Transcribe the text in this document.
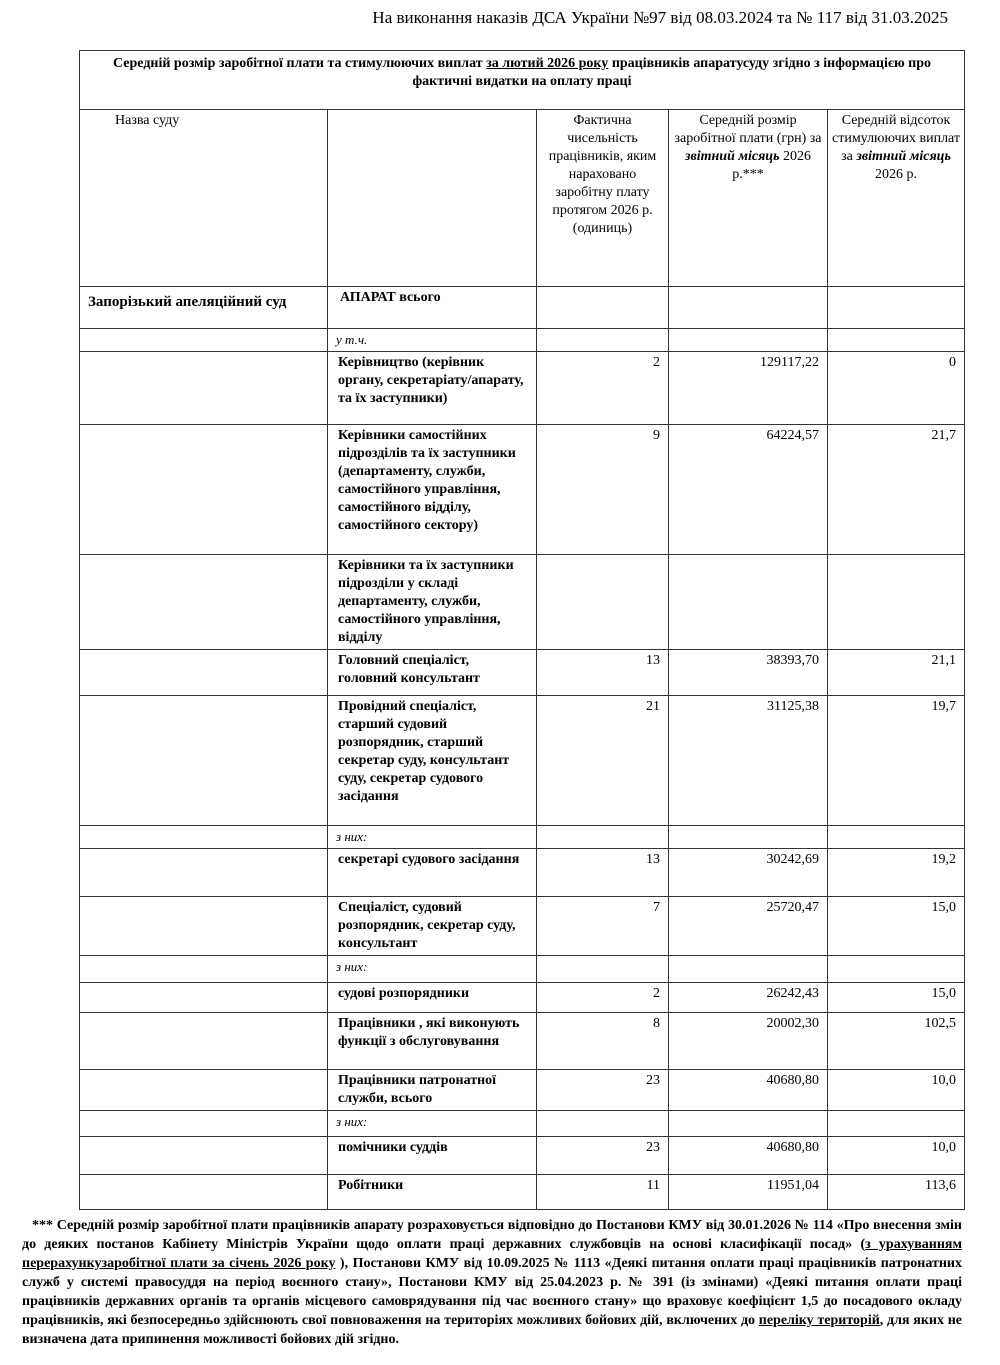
На виконання наказів ДСА України №97 від 08.03.2024 та № 117 від 31.03.2025
Середній розмір заробітної плати та стимулюючих виплат за лютий 2026 року працівників апаратусуду згідно з інформацією про фактичні видатки на оплату праці				
Назва суду		Фактична чисельність працівників, яким нараховано заробітну плату протягом 2026 р.(одиниць)	Середній розмір заробітної плати (грн) за звітний місяць 2026 р.***	Середній відсоток стимулюючих виплат за звітний місяць 2026 р.
Запорізький апеляційний суд	АПАРАТ всього			
	у т.ч.			
	Керівництво (керівник органу, секретаріату/апарату, та їх заступники)	2	129117,22	0
	Керівники самостійних підрозділів та їх заступники (департаменту, служби, самостійного управління, самостійного відділу, самостійного сектору)	9	64224,57	21,7
	Керівники та їх заступники підрозділи у складі департаменту, служби, самостійного управління, відділу			
	Головний спеціаліст, головний консультант	13	38393,70	21,1
	Провідний спеціаліст, старший судовий розпорядник, старший секретар суду, консультант суду, секретар судового засідання	21	31125,38	19,7
	з них:			
	секретарі судового засідання	13	30242,69	19,2
	Спеціаліст, судовий розпорядник, секретар суду, консультант	7	25720,47	15,0
	з них:			
	судові розпорядники	2	26242,43	15,0
	Працівники , які виконують функції з обслуговування	8	20002,30	102,5
	Працівники патронатної служби, всього	23	40680,80	10,0
	з них:			
	помічники суддів	23	40680,80	10,0
	Робітники	11	11951,04	113,6
*** Середній розмір заробітної плати працівників апарату розраховується відповідно до Постанови КМУ від 30.01.2026 № 114 «Про внесення змін до деяких постанов Кабінету Міністрів України щодо оплати праці державних службовців на основі класифікації посад» (з урахуванням перерахункузаробітної плати за січень 2026 року ), Постанови КМУ від 10.09.2025 № 1113 «Деякі питання оплати праці працівників патронатних служб у системі правосуддя на період воєнного стану», Постанови КМУ від 25.04.2023 р. № 391 (із змінами) «Деякі питання оплати праці працівників державних органів та органів місцевого самоврядування під час воєнного стану» що враховує коефіцієнт 1,5 до посадового окладу працівників, які безпосередньо здійснюють свої повноваження на територіях можливих бойових дій, включених до переліку територій, для яких не визначена дата припинення можливості бойових дій згідно.
